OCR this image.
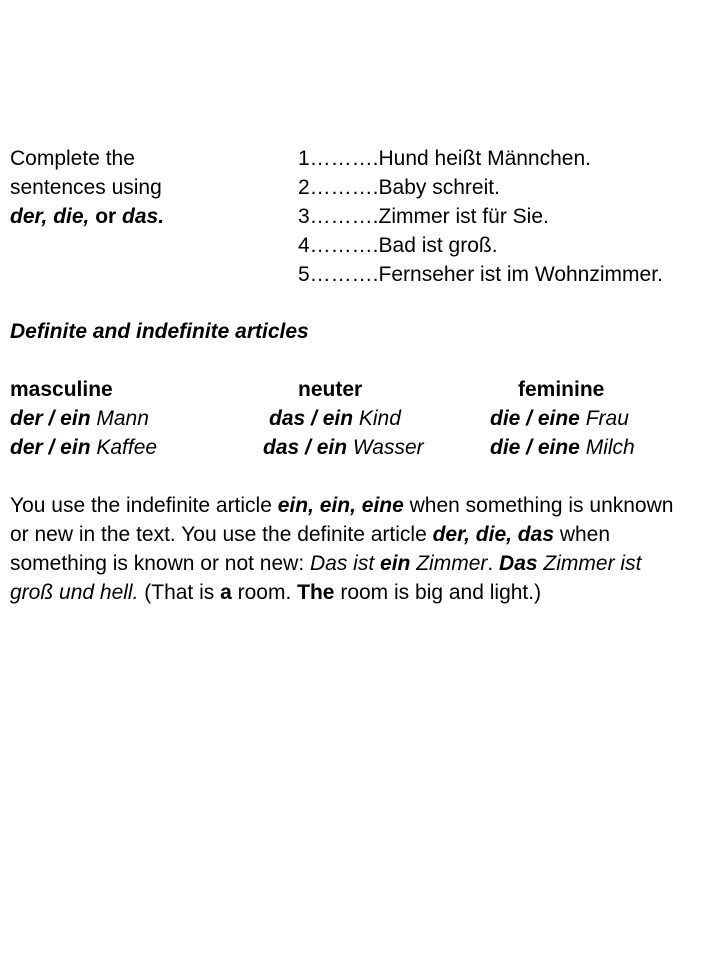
Complete the
sentences using
der, die, or das.
1……….Hund heißt Männchen.
2……….Baby schreit.
3……….Zimmer ist für Sie.
4……….Bad ist groß.
5……….Fernseher ist im Wohnzimmer.
Definite and indefinite articles
masculine	neuter	feminine
der / ein Mann
der / ein Kaffee
das / ein Kind
das / ein Wasser
die / eine Frau
die / eine Milch
You use the indefinite article ein, ein, eine when something is unknown or new in the text. You use the definite article der, die, das when something is known or not new: Das ist ein Zimmer. Das Zimmer ist groß und hell. (That is a room. The room is big and light.)
